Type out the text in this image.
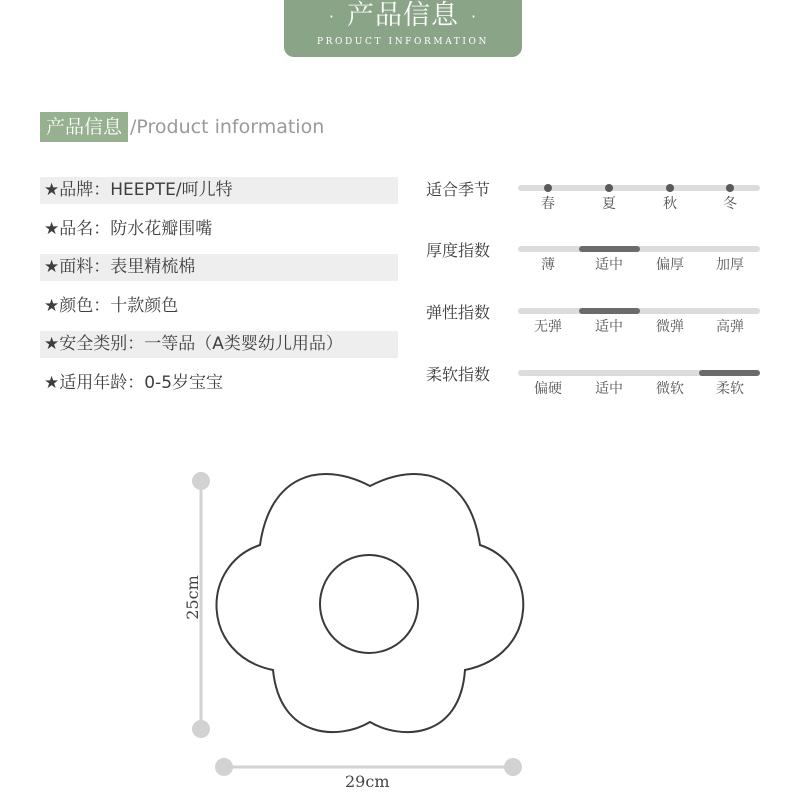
· 产品信息 ·
PRODUCT INFORMATION
产品信息 /Product information
★品牌：HEEPTE/呵儿特
★品名：防水花瓣围嘴
★面料：表里精梳棉
★颜色：十款颜色
★安全类别：一等品（A类婴幼儿用品）
★适用年龄：0-5岁宝宝
适合季节
春	夏	秋	冬
厚度指数
薄	适中	偏厚	加厚
弹性指数
无弹	适中	微弹	高弹
柔软指数
偏硬	适中	微软	柔软
25cm
29cm
